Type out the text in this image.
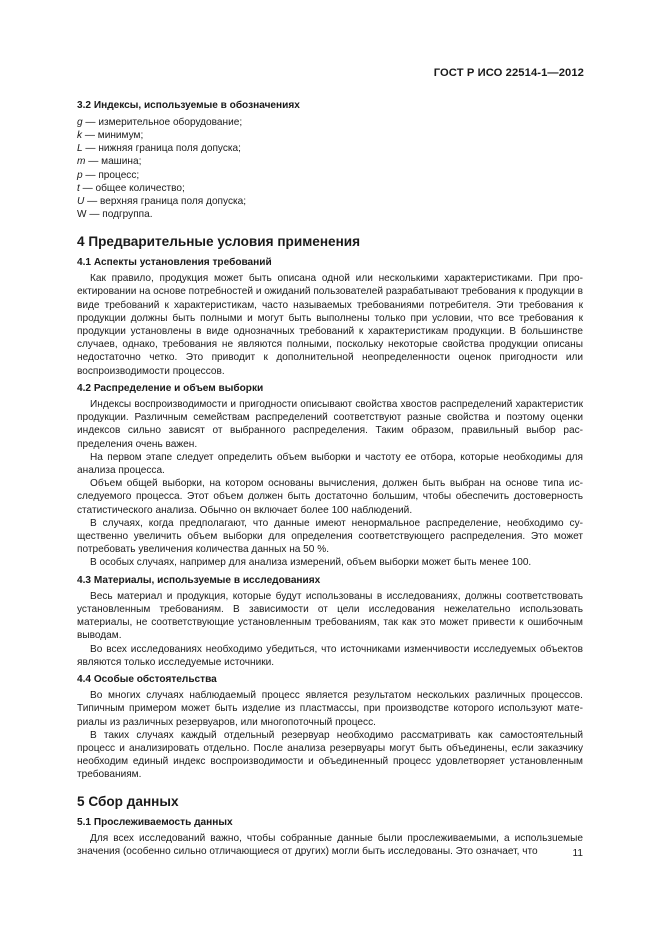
ГОСТ Р ИСО 22514-1—2012

3.2 Индексы, используемые в обозначениях

g — измерительное оборудование;

k — минимум;

L — нижняя граница поля допуска;

m — машина;

p — процесс;

t — общее количество;

U — верхняя граница поля допуска;

W — подгруппа.

4 Предварительные условия применения
4.1 Аспекты установления требований

Как правило, продукция может быть описана одной или несколькими характеристиками. При проектировании на основе потребностей и ожиданий пользователей разрабатывают требования к продукции в виде требований к характеристикам, часто называемых требованиями потребителя. Эти требования к продукции должны быть полными и могут быть выполнены только при условии, что все требования к продукции установлены в виде однозначных требований к характеристикам продукции. В большинстве случаев, однако, требования не являются полными, поскольку некоторые свойства продукции описаны недостаточно четко. Это приводит к дополнительной неопределенности оценок пригодности или воспроизводимости процессов.

4.2 Распределение и объем выборки

Индексы воспроизводимости и пригодности описывают свойства хвостов распределений характеристик продукции. Различным семействам распределений соответствуют разные свойства и поэтому оценки индексов сильно зависят от выбранного распределения. Таким образом, правильный выбор распределения очень важен.

На первом этапе следует определить объем выборки и частоту ее отбора, которые необходимы для анализа процесса.

Объем общей выборки, на котором основаны вычисления, должен быть выбран на основе типа исследуемого процесса. Этот объем должен быть достаточно большим, чтобы обеспечить достоверность статистического анализа. Обычно он включает более 100 наблюдений.

В случаях, когда предполагают, что данные имеют ненормальное распределение, необходимо существенно увеличить объем выборки для определения соответствующего распределения. Это может потребовать увеличения количества данных на 50 %.

В особых случаях, например для анализа измерений, объем выборки может быть менее 100.

4.3 Материалы, используемые в исследованиях

Весь материал и продукция, которые будут использованы в исследованиях, должны соответствовать установленным требованиям. В зависимости от цели исследования нежелательно использовать материалы, не соответствующие установленным требованиям, так как это может привести к ошибочным выводам.

Во всех исследованиях необходимо убедиться, что источниками изменчивости исследуемых объектов являются только исследуемые источники.

4.4 Особые обстоятельства

Во многих случаях наблюдаемый процесс является результатом нескольких различных процессов. Типичным примером может быть изделие из пластмассы, при производстве которого используют материалы из различных резервуаров, или многопоточный процесс.

В таких случаях каждый отдельный резервуар необходимо рассматривать как самостоятельный процесс и анализировать отдельно. После анализа резервуары могут быть объединены, если заказчику необходим единый индекс воспроизводимости и объединенный процесс удовлетворяет установленным требованиям.

5 Сбор данных
5.1 Прослеживаемость данных

Для всех исследований важно, чтобы собранные данные были прослеживаемыми, а использueмые значения (особенно сильно отличающиеся от других) могли быть исследованы. Это означает, что	11
